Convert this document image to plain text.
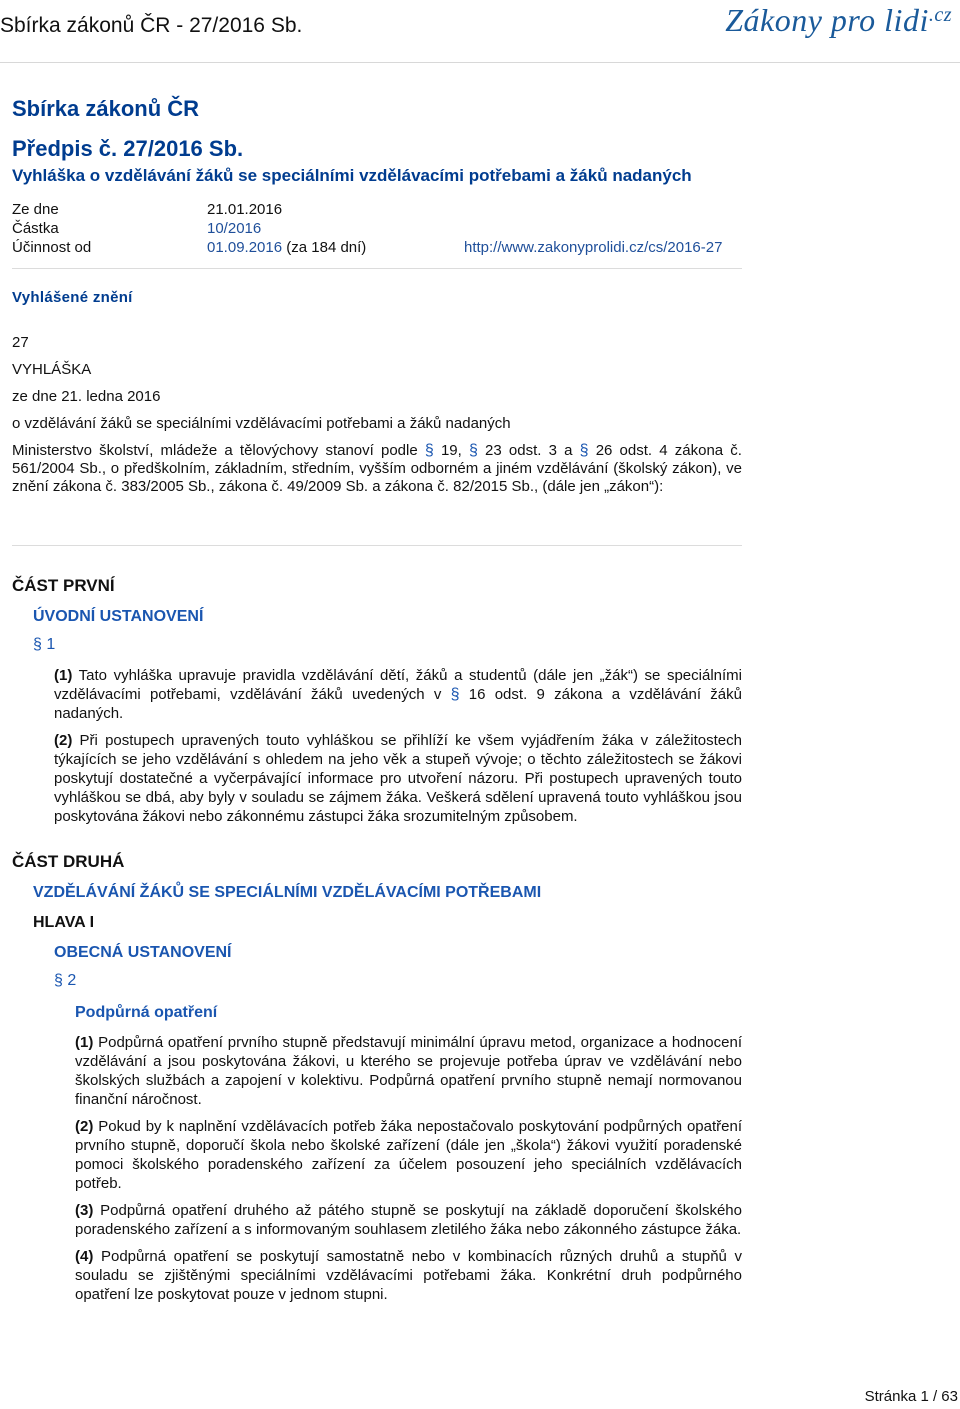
Sbírka zákonů ČR - 27/2016 Sb.	Zákony pro lidi$^{.cz}$
Sbírka zákonů ČR
Předpis č. 27/2016 Sb.
Vyhláška o vzdělávání žáků se speciálními vzdělávacími potřebami a žáků nadaných
Ze dne	21.01.2016
Částka	10/2016
Účinnost od	01.09.2016 (za 184 dní)	http://www.zakonyprolidi.cz/cs/2016-27
Vyhlášené znění

27

VYHLÁŠKA

ze dne 21. ledna 2016

o vzdělávání žáků se speciálními vzdělávacími potřebami a žáků nadaných

Ministerstvo školství, mládeže a tělovýchovy stanoví podle § 19, § 23 odst. 3 a § 26 odst. 4 zákona č. 561/2004 Sb., o předškolním, základním, středním, vyšším odborném a jiném vzdělávání (školský zákon), ve znění zákona č. 383/2005 Sb., zákona č. 49/2009 Sb. a zákona č. 82/2015 Sb., (dále jen „zákon“):

ČÁST PRVNÍ
ÚVODNÍ USTANOVENÍ
§ 1

(1) Tato vyhláška upravuje pravidla vzdělávání dětí, žáků a studentů (dále jen „žák“) se speciálními vzdělávacími potřebami, vzdělávání žáků uvedených v § 16 odst. 9 zákona a vzdělávání žáků nadaných.

(2) Při postupech upravených touto vyhláškou se přihlíží ke všem vyjádřením žáka v záležitostech týkajících se jeho vzdělávání s ohledem na jeho věk a stupeň vývoje; o těchto záležitostech se žákovi poskytují dostatečné a vyčerpávající informace pro utvoření názoru. Při postupech upravených touto vyhláškou se dbá, aby byly v souladu se zájmem žáka. Veškerá sdělení upravená touto vyhláškou jsou poskytována žákovi nebo zákonnému zástupci žáka srozumitelným způsobem.

ČÁST DRUHÁ
VZDĚLÁVÁNÍ ŽÁKŮ SE SPECIÁLNÍMI VZDĚLÁVACÍMI POTŘEBAMI
HLAVA I
OBECNÁ USTANOVENÍ
§ 2
Podpůrná opatření

(1) Podpůrná opatření prvního stupně představují minimální úpravu metod, organizace a hodnocení vzdělávání a jsou poskytována žákovi, u kterého se projevuje potřeba úprav ve vzdělávání nebo školských službách a zapojení v kolektivu. Podpůrná opatření prvního stupně nemají normovanou finanční náročnost.

(2) Pokud by k naplnění vzdělávacích potřeb žáka nepostačovalo poskytování podpůrných opatření prvního stupně, doporučí škola nebo školské zařízení (dále jen „škola“) žákovi využití poradenské pomoci školského poradenského zařízení za účelem posouzení jeho speciálních vzdělávacích potřeb.

(3) Podpůrná opatření druhého až pátého stupně se poskytují na základě doporučení školského poradenského zařízení a s informovaným souhlasem zletilého žáka nebo zákonného zástupce žáka.

(4) Podpůrná opatření se poskytují samostatně nebo v kombinacích různých druhů a stupňů v souladu se zjištěnými speciálními vzdělávacími potřebami žáka. Konkrétní druh podpůrného opatření lze poskytovat pouze v jednom stupni.

Stránka 1 / 63
